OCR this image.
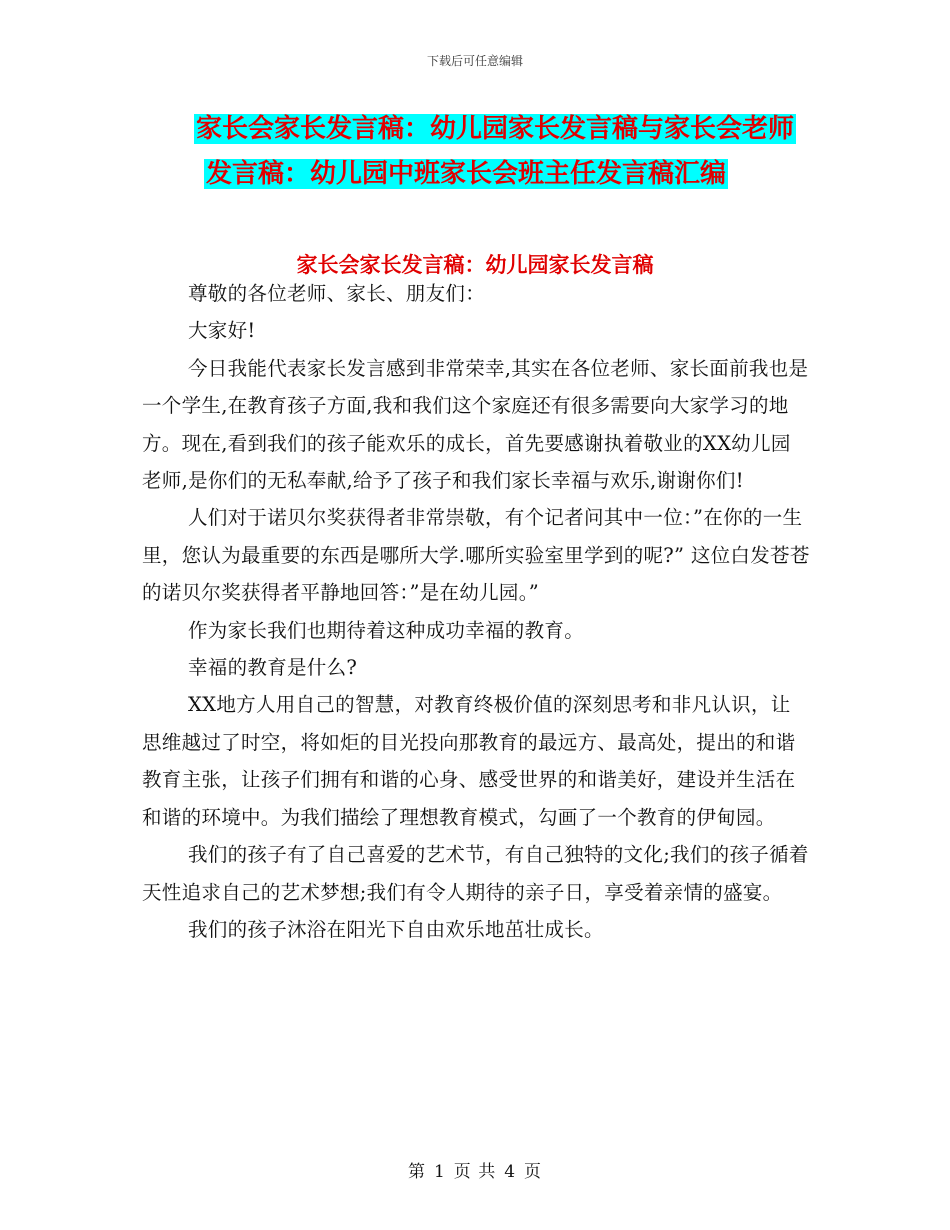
下载后可任意编辑
家长会家长发言稿：幼儿园家长发言稿与家长会老师
发言稿：幼儿园中班家长会班主任发言稿汇编
家长会家长发言稿：幼儿园家长发言稿

尊敬的各位老师、家长、朋友们：

大家好!

今日我能代表家长发言感到非常荣幸,其实在各位老师、家长面前我也是一个学生,在教育孩子方面,我和我们这个家庭还有很多需要向大家学习的地方。现在,看到我们的孩子能欢乐的成长，首先要感谢执着敬业的XX幼儿园老师,是你们的无私奉献,给予了孩子和我们家长幸福与欢乐,谢谢你们!

人们对于诺贝尔奖获得者非常崇敬，有个记者问其中一位：”在你的一生里，您认为最重要的东西是哪所大学.哪所实验室里学到的呢?” 这位白发苍苍的诺贝尔奖获得者平静地回答：”是在幼儿园。”

作为家长我们也期待着这种成功幸福的教育。

幸福的教育是什么?

XX地方人用自己的智慧，对教育终极价值的深刻思考和非凡认识，让思维越过了时空，将如炬的目光投向那教育的最远方、最高处，提出的和谐教育主张，让孩子们拥有和谐的心身、感受世界的和谐美好，建设并生活在和谐的环境中。为我们描绘了理想教育模式，勾画了一个教育的伊甸园。

我们的孩子有了自己喜爱的艺术节，有自己独特的文化;我们的孩子循着天性追求自己的艺术梦想;我们有令人期待的亲子日，享受着亲情的盛宴。

我们的孩子沐浴在阳光下自由欢乐地茁壮成长。

第 1 页 共 4 页
